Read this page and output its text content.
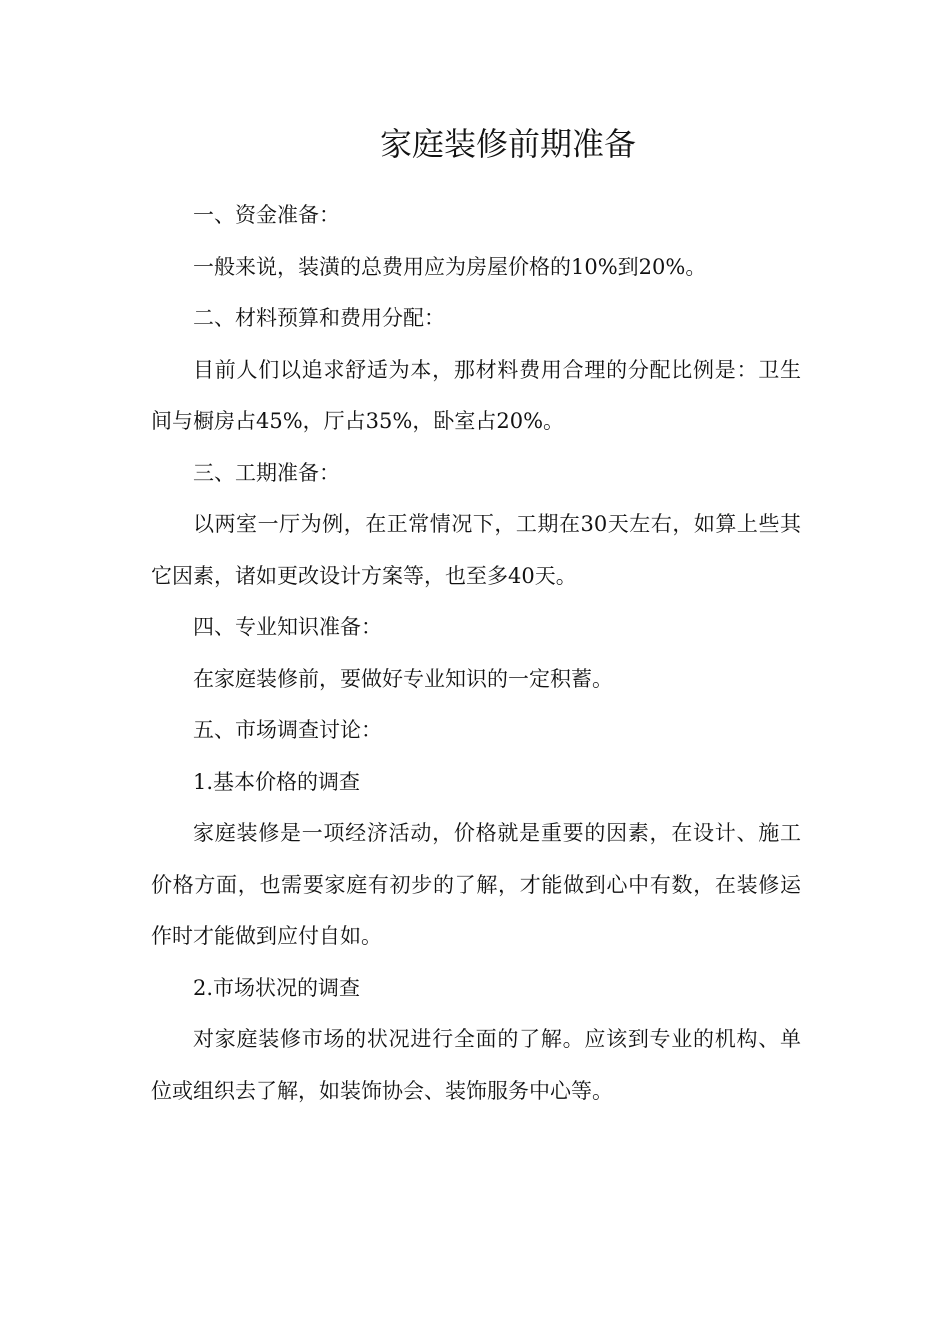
家庭装修前期准备

一、资金准备：

一般来说，装潢的总费用应为房屋价格的10%到20%。

二、材料预算和费用分配：

目前人们以追求舒适为本，那材料费用合理的分配比例是：卫生间与橱房占45%，厅占35%，卧室占20%。

三、工期准备：

以两室一厅为例，在正常情况下，工期在30天左右，如算上些其它因素，诸如更改设计方案等，也至多40天。

四、专业知识准备：

在家庭装修前，要做好专业知识的一定积蓄。

五、市场调查讨论：

1.基本价格的调查

家庭装修是一项经济活动，价格就是重要的因素，在设计、施工价格方面，也需要家庭有初步的了解，才能做到心中有数，在装修运作时才能做到应付自如。

2.市场状况的调查

对家庭装修市场的状况进行全面的了解。应该到专业的机构、单位或组织去了解，如装饰协会、装饰服务中心等。
